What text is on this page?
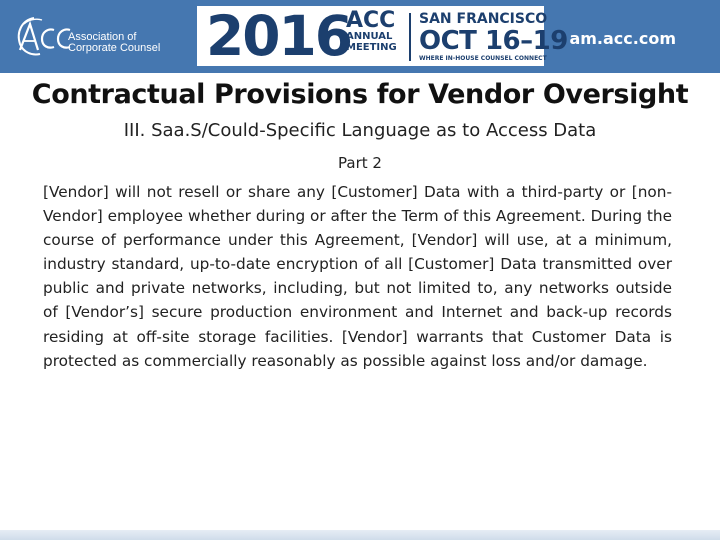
Association of
Corporate Counsel 2016
ACC
ANNUAL
MEETING
SAN FRANCISCO
OCT 16–19
WHERE IN-HOUSE COUNSEL CONNECT
am.acc.com
Contractual Provisions for Vendor Oversight
III. Saa.S/Could-Specific Language as to Access Data
Part 2
[Vendor] will not resell or share any [Customer] Data with a third-party or [non-Vendor] employee whether during or after the Term of this Agreement. During the course of performance under this Agreement, [Vendor] will use, at a minimum, industry standard, up-to-date encryption of all [Customer] Data transmitted over public and private networks, including, but not limited to, any networks outside of [Vendor’s] secure production environment and Internet and back-up records residing at off-site storage facilities. [Vendor] warrants that Customer Data is protected as commercially reasonably as possible against loss and/or damage.
